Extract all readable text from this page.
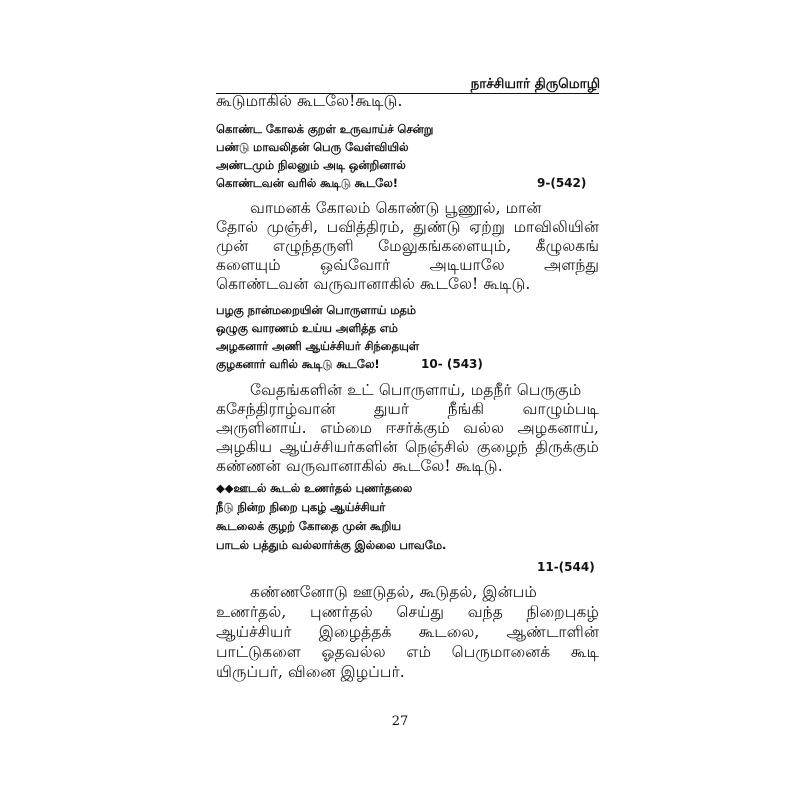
நாச்சியார் திருமொழி
கூடுமாகில் கூடலே!கூடிடு.
கொண்ட கோலக் குறள் உருவாய்ச் சென்று
பண்டு மாவலிதன் பெரு வேள்வியில்
அண்டமும் நிலனும் அடி ஒன்றினால்
கொண்டவன் வரில் கூடிடு கூடலே!	9-(542)
வாமனக் கோலம் கொண்டு பூணூல், மான்
தோல் முஞ்சி, பவித்திரம், துண்டு ஏற்று மாவிலியின்
முன் எழுந்தருளி மேலுகங்களையும், கீழுலகங்
களையும் ஒவ்வோர் அடியாலே அளந்து
கொண்டவன் வருவானாகில் கூடலே! கூடிடு.
பழகு நான்மறையின் பொருளாய் மதம்
ஒழுகு வாரணம் உய்ய அளித்த எம்
அழகனார் அணி ஆய்ச்சியர் சிந்தையுள்
குழகனார் வரில் கூடிடு கூடலே!	10- (543)
வேதங்களின் உட் பொருளாய், மதநீர் பெருகும்
கசேந்திராழ்வான் துயர் நீங்கி வாழும்படி
அருளினாய். எம்மை ஈசர்க்கும் வல்ல அழகனாய்,
அழகிய ஆய்ச்சியர்களின் நெஞ்சில் குழைந் திருக்கும்
கண்ணன் வருவானாகில் கூடலே! கூடிடு.
◆◆ஊடல் கூடல் உணர்தல் புணர்தலை
நீடு நின்ற நிறை புகழ் ஆய்ச்சியர்
கூடலைக் குழற் கோதை முன் கூறிய
பாடல் பத்தும் வல்லார்க்கு இல்லை பாவமே.
11-(544)
கண்ணனோடு ஊடுதல், கூடுதல், இன்பம்
உணர்தல், புணர்தல் செய்து வந்த நிறைபுகழ்
ஆய்ச்சியர் இழைத்தக் கூடலை, ஆண்டாளின்
பாட்டுகளை ஓதவல்ல எம் பெருமானைக் கூடி
யிருப்பர், வினை இழப்பர்.
27
